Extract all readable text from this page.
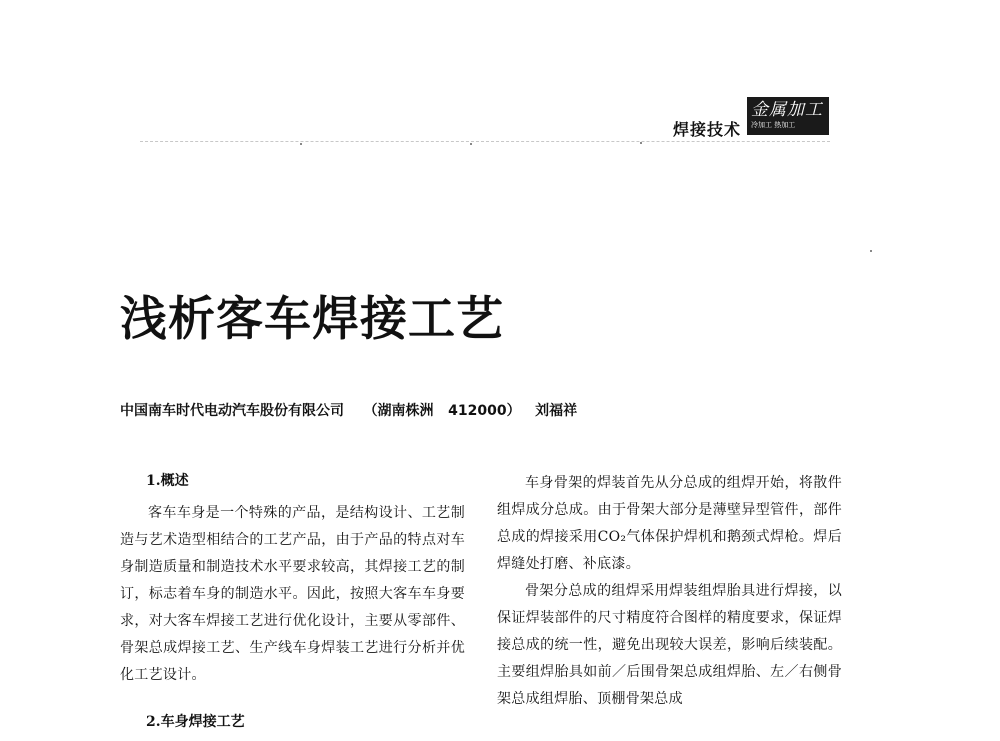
焊接技术
金属加工
冷加工 热加工
浅析客车焊接工艺
中国南车时代电动汽车股份有限公司    （湖南株洲   412000）   刘福祥
1.概述

客车车身是一个特殊的产品，是结构设计、工艺制造与艺术造型相结合的工艺产品，由于产品的特点对车身制造质量和制造技术水平要求较高，其焊接工艺的制订，标志着车身的制造水平。因此，按照大客车车身要求，对大客车焊接工艺进行优化设计，主要从零部件、骨架总成焊接工艺、生产线车身焊装工艺进行分析并优化工艺设计。

2.车身焊接工艺

车身骨架的焊装首先从分总成的组焊开始，将散件组焊成分总成。由于骨架大部分是薄壁异型管件，部件总成的焊接采用CO₂气体保护焊机和鹅颈式焊枪。焊后焊缝处打磨、补底漆。

骨架分总成的组焊采用焊装组焊胎具进行焊接，以保证焊装部件的尺寸精度符合图样的精度要求，保证焊接总成的统一性，避免出现较大误差，影响后续装配。主要组焊胎具如前／后围骨架总成组焊胎、左／右侧骨架总成组焊胎、顶棚骨架总成
